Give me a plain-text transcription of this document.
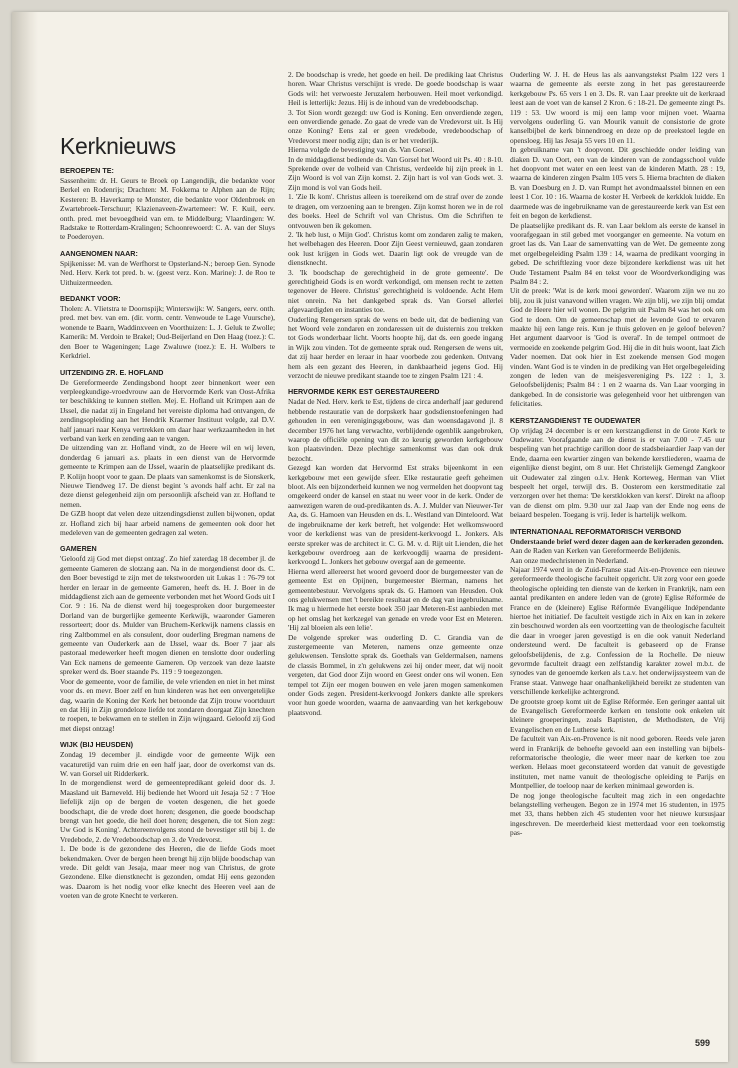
Kerknieuws
BEROEPEN TE:

Sassenheim: dr. H. Geurs te Broek op Langendijk, die bedankte voor Berkel en Rodenrijs; Drachten: M. Fokkema te Alphen aan de Rijn; Kesteren: B. Haverkamp te Monster, die bedankte voor Oldenbroek en Zwartebroek-Terschuur; Klazienaveen-Zwartemeer: W. F. Kuil, eerv. onth. pred. met bevoegdheid van em. te Middelburg; Vlaardingen: W. Radstake te Rotterdam-Kralingen; Schoonrewoerd: C. A. van der Sluys te Poederoyen.

AANGENOMEN NAAR:

Spijkenisse: M. van de Werfhorst te Opsterland-N.; beroep Gen. Synode Ned. Herv. Kerk tot pred. b. w. (geest verz. Kon. Marine): J. de Roo te Uithuizermeeden.

BEDANKT VOOR:

Tholen: A. Vlietstra te Doornspijk; Winterswijk: W. Sangers, eerv. onth. pred. met bev. van em. (dir. vorm. centr. Venwoude te Lage Vuursche), wonende te Baarn, Waddinxveen en Voorthuizen: L. J. Geluk te Zwolle; Kamerik: M. Verdoin te Brakel; Oud-Beijerland en Den Haag (toez.): C. den Boer te Wageningen; Lage Zwaluwe (toez.): E. H. Wolbers te Kerkdriel.

UITZENDING ZR. E. HOFLAND

De Gereformeerde Zendingsbond hoopt zeer binnenkort weer een verpleegkundige-vroedvrouw aan de Hervormde Kerk van Oost-Afrika ter beschikking te kunnen stellen. Mej. E. Hofland uit Krimpen aan de IJssel, die nadat zij in Engeland het vereiste diploma had ontvangen, de zendingsopleiding aan het Hendrik Kraemer Instituut volgde, zal D.V. half januari naar Kenya vertrekken om daar haar werkzaamheden in het verband van kerk en zending aan te vangen.

De uitzending van zr. Hofland vindt, zo de Heere wil en wij leven, donderdag 6 januari a.s. plaats in een dienst van de Hervormde gemeente te Krimpen aan de IJssel, waarin de plaatselijke predikant ds. P. Kolijn hoopt voor te gaan. De plaats van samenkomst is de Sionskerk, Nieuwe Tiendweg 17. De dienst begint 's avonds half acht. Er zal na deze dienst gelegenheid zijn om persoonlijk afscheid van zr. Hofland te nemen.

De GZB hoopt dat velen deze uitzendingsdienst zullen bijwonen, opdat zr. Hofland zich bij haar arbeid namens de gemeenten ook door het medeleven van de gemeenten gedragen zal weten.

GAMEREN

'Geloofd zij God met diepst ontzag'. Zo hief zaterdag 18 december jl. de gemeente Gameren de slotzang aan. Na in de morgendienst door ds. C. den Boer bevestigd te zijn met de tekstwoorden uit Lukas 1 : 76-79 tot herder en leraar in de gemeente Gameren, heeft ds. H. J. Boer in de middagdienst zich aan de gemeente verbonden met het Woord Gods uit I Cor. 9 : 16. Na de dienst werd hij toegesproken door burgemeester Dorland van de burgerlijke gemeente Kerkwijk, waaronder Gameren ressorteert; door ds. Mulder van Bruchem-Kerkwijk namens classis en ring Zaltbommel en als consulent, door ouderling Bregman namens de gemeente van Ouderkerk aan de IJssel, waar ds. Boer 7 jaar als pastoraal medewerker heeft mogen dienen en tenslotte door ouderling Van Eck namens de gemeente Gameren. Op verzoek van deze laatste spreker werd ds. Boer staande Ps. 119 : 9 toegezongen.

Voor de gemeente, voor de familie, de vele vrienden en niet in het minst voor ds. en mevr. Boer zelf en hun kinderen was het een onvergetelijke dag, waarin de Koning der Kerk het betoonde dat Zijn trouw voortduurt en dat Hij in Zijn grondeloze liefde tot zondaren doorgaat Zijn knechten te roepen, te bekwamen en te stellen in Zijn wijngaard. Geloofd zij God met diepst ontzag!

WIJK (BIJ HEUSDEN)

Zondag 19 december jl. eindigde voor de gemeente Wijk een vacaturetijd van ruim drie en een half jaar, door de overkomst van ds. W. van Gorsel uit Ridderkerk.

In de morgendienst werd de gemeentepredikant geleid door ds. J. Maasland uit Barneveld. Hij bediende het Woord uit Jesaja 52 : 7 'Hoe liefelijk zijn op de bergen de voeten desgenen, die het goede boodschapt, die de vrede doet horen; desgenen, die goede boodschap brengt van het goede, die heil doet horen; desgenen, die tot Sion zegt: Uw God is Koning'. Achtereenvolgens stond de bevestiger stil bij 1. de Vredebode, 2. de Vredeboodschap en 3. de Vredevorst.

1. De bode is de gezondene des Heeren, die de liefde Gods moet bekendmaken. Over de bergen heen brengt hij zijn blijde boodschap van vrede. Dit geldt van Jesaja, maar meer nog van Christus, de grote Gezondene. Elke dienstknecht is gezonden, omdat Hij eens gezonden was. Daarom is het nodig voor elke knecht des Heeren veel aan de voeten van de grote Knecht te verkeren.

2. De boodschap is vrede, het goede en heil. De prediking laat Christus horen. Waar Christus verschijnt is vrede. De goede boodschap is waar Gods wil: het verwoeste Jeruzalem herbouwen. Heil moet verkondigd. Heil is letterlijk: Jezus. Hij is de inhoud van de vredeboodschap.

3. Tot Sion wordt gezegd: uw God is Koning. Een onverdiende zegen, een onverdiende genade. Zo gaat de vrede van de Vredevorst uit. Is Hij onze Koning? Eens zal er geen vredebode, vredeboodschap of Vredevorst meer nodig zijn; dan is er het vrederijk.

Hierna volgde de bevestiging van ds. Van Gorsel.

In de middagdienst bediende ds. Van Gorsel het Woord uit Ps. 40 : 8-10. Sprekende over de volheid van Christus, verdeelde hij zijn preek in 1. Zijn Woord is vol van Zijn komst. 2. Zijn hart is vol van Gods wet. 3. Zijn mond is vol van Gods heil.

1. 'Zie Ik kom'. Christus alleen is toereikend om de straf over de zonde te dragen, om verzoening aan te brengen. Zijn komst horen we in de rol des boeks. Heel de Schrift vol van Christus. Om die Schriften te ontvouwen ben ik gekomen.

2. 'Ik heb lust, o Mijn God'. Christus komt om zondaren zalig te maken, het welbehagen des Heeren. Door Zijn Geest vernieuwd, gaan zondaren ook lust krijgen in Gods wet. Daarin ligt ook de vreugde van de dienstknecht.

3. 'Ik boodschap de gerechtigheid in de grote gemeente'. De gerechtigheid Gods is en wordt verkondigd, om mensen recht te zetten tegenover de Heere. Christus' gerechtigheid is voldoende. Acht Hem niet onrein. Na het dankgebed sprak ds. Van Gorsel allerlei afgevaardigden en instanties toe.

Ouderling Rengersen sprak de wens en bede uit, dat de bediening van het Woord vele zondaren en zondaressen uit de duisternis zou trekken tot Gods wonderbaar licht. Voorts hoopte hij, dat ds. een goede ingang in Wijk zou vinden. Tot de gemeente sprak oud. Rengersen de wens uit, dat zij haar herder en leraar in haar voorbede zou gedenken. Ontvang hem als een gezant des Heeren, in dankbaarheid jegens God. Hij verzocht de nieuwe predikant staande toe te zingen Psalm 121 : 4.

HERVORMDE KERK EST GERESTAUREERD

Nadat de Ned. Herv. kerk te Est, tijdens de circa anderhalf jaar gedurend hebbende restauratie van de dorpskerk haar godsdienstoefeningen had gehouden in een verenigingsgebouw, was dan woensdagavond jl. 8 december 1976 het lang verwachte, verblijdende ogenblik aangebroken, waarop de officiële opening van dit zo keurig geworden kerkgebouw kon plaatsvinden. Deze plechtige samenkomst was dan ook druk bezocht.

Gezegd kan worden dat Hervormd Est straks bijeenkomt in een kerkgebouw met een gewijde sfeer. Elke restauratie geeft geheimen bloot. Als een bijzonderheid kunnen we nog vermelden het doopvont tag omgekeerd onder de kansel en staat nu weer voor in de kerk. Onder de aanwezigen waren de oud-predikanten ds. A. J. Mulder van Nieuwer-Ter Aa, ds. G. Hamoen van Heusden en ds. L. Westland van Dinteloord. Wat de ingebruikname der kerk betreft, het volgende: Het welkomswoord voor de kerkdienst was van de president-kerkvoogd L. Jonkers. Als eerste spreker was de architect ir. C. G. M. v. d. Rijt uit Lienden, die het kerkgebouw overdroeg aan de kerkvoogdij waarna de president-kerkvoogd L. Jonkers het gebouw overgaf aan de gemeente.

Hierna werd allereerst het woord gevoerd door de burgemeester van de gemeente Est en Opijnen, burgemeester Bierman, namens het gemeentebestuur. Vervolgens sprak ds. G. Hamoen van Heusden. Ook ons gelukwensen met 't bereikte resultaat en de dag van ingebruikname. Ik mag u hiermede het eerste boek 350 jaar Meteren-Est aanbieden met op het omslag het kerkzegel van genade en vrede voor Est en Meteren. 'Hij zal bloeien als een lelie'.

De volgende spreker was ouderling D. C. Grandia van de zustergemeente van Meteren, namens onze gemeente onze gelukwensen. Tenslotte sprak ds. Goethals van Geldermalsen, namens de classis Bommel, in z'n gelukwens zei hij onder meer, dat wij nooit vergeten, dat God door Zijn woord en Geest onder ons wil wonen. Een tempel tot Zijn eer mogen bouwen en vele jaren mogen samenkomen onder Gods zegen. President-kerkvoogd Jonkers dankte alle sprekers voor hun goede woorden, waarna de aanvaarding van het kerkgebouw plaatsvond.

Ouderling W. J. H. de Heus las als aanvangstekst Psalm 122 vers 1 waarna de gemeente als eerste zong in het pas gerestaureerde kerkgebouw Ps. 65 vers 1 en 3. Ds. R. van Laar preekte uit de kerkraad leest aan de voet van de kansel 2 Kron. 6 : 18-21. De gemeente zingt Ps. 119 : 53. Uw woord is mij een lamp voor mijnen voet. Waarna vervolgens ouderling G. van Mourik vanuit de consistorie de grote kanselbijbel de kerk binnendroeg en deze op de preekstoel legde en opensloeg. Hij las Jesaja 55 vers 10 en 11.

In gebruikname van 't doopvont. Dit geschiedde onder leiding van diaken D. van Oort, een van de kinderen van de zondagsschool vulde het doopvont met water en een leest van de kinderen Matth. 28 : 19, waarna de kinderen zingen Psalm 105 vers 5. Hierna brachten de diaken B. van Doesburg en J. D. van Rumpt het avondmaalsstel binnen en een leest 1 Cor. 10 : 16. Waarna de koster H. Verbeek de kerkklok luidde. En daarmede was de ingebruikname van de gerestaureerde kerk van Est een feit en begon de kerkdienst.

De plaatselijke predikant ds. R. van Laar beklom als eerste de kansel in voorafgegaan in stil gebed met voorganger en gemeente. Na votum en groet las ds. Van Laar de samenvatting van de Wet. De gemeente zong met orgelbegeleiding Psalm 139 : 14, waarna de predikant voorging in gebed. De schriftlezing voor deze bijzondere kerkdienst was uit het Oude Testament Psalm 84 en tekst voor de Woordverkondiging was Psalm 84 : 2.

Uit de preek: 'Wat is de kerk mooi geworden'. Waarom zijn we nu zo blij, zou ik juist vanavond willen vragen. We zijn blij, we zijn blij omdat God de Heere hier wil wonen. De pelgrim uit Psalm 84 was het ook om God te doen. Om de gemeenschap met de levende God te ervaren maakte hij een lange reis. Kun je thuis geloven en je geloof beleven? Het argument daarvoor is 'God is overal'. In de tempel ontmoet de vermoeide en zoekende pelgrim God. Hij die in dit huis woont, laat Zich Vader noemen. Dat ook hier in Est zoekende mensen God mogen vinden. Want God is te vinden in de prediking van Het orgelbegeleiding zongen de leden van de meisjesvereniging Ps. 122 : 1, 3. Geloofsbelijdenis; Psalm 84 : 1 en 2 waarna ds. Van Laar voorging in dankgebed. In de consistorie was gelegenheid voor het uitbrengen van felicitaties.

KERSTZANGDIENST TE OUDEWATER

Op vrijdag 24 december is er een kerstzangdienst in de Grote Kerk te Oudewater. Voorafgaande aan de dienst is er van 7.00 - 7.45 uur bespeling van het prachtige carillon door de stadsbeiaardier Jaap van der Ende, daarna een kwartier zingen van bekende kerstliederen, waarna de eigenlijke dienst begint, om 8 uur. Het Christelijk Gemengd Zangkoor uit Oudewater zal zingen o.l.v. Henk Korteweg, Herman van Vliet bespeelt het orgel, terwijl drs. B. Oosterom een kerstmeditatie zal verzorgen over het thema: 'De kerstklokken van kerst'. Direkt na afloop van de dienst om plm. 9.30 uur zal Jaap van der Ende nog eens de beiaard bespelen. Toegang is vrij. Ieder is hartelijk welkom.

INTERNATIONAAL REFORMATORISCH VERBOND

Onderstaande brief werd dezer dagen aan de kerkeraden gezonden.

Aan de Raden van Kerken van Gereformeerde Belijdenis.

Aan onze medechristenen in Nederland.

Najaar 1974 werd in de Zuid-Franse stad Aix-en-Provence een nieuwe gereformeerde theologische faculteit opgericht. Uit zorg voor een goede theologische opleiding ten dienste van de kerken in Frankrijk, nam een aantal predikanten en andere leden van de (grote) Eglise Réformée de France en de (kleinere) Eglise Réformée Evangélique Indépendante hiertoe het initiatief. De faculteit vestigde zich in Aix en kan in zekere zin beschouwd worden als een voortzetting van de theologische faculteit die daar in vroeger jaren gevestigd is en die ook vanuit Nederland ondersteund werd. De faculteit is gebaseerd op de Franse geloofsbelijdenis, de z.g. Confession de la Rochelle. De nieuw gevormde faculteit draagt een zelfstandig karakter zowel m.b.t. de synodes van de genoemde kerken als t.a.v. het onderwijssysteem van de Franse staat. Vanwege haar onafhankelijkheid bereikt ze studenten van verschillende kerkelijke achtergrond.

De grootste groep komt uit de Eglise Réformée. Een geringer aantal uit de Evangelisch Gereformeerde kerken en tenslotte ook enkelen uit kleinere groeperingen, zoals Baptisten, de Methodisten, de Vrij Evangelischen en de Lutherse kerk.

De faculteit van Aix-en-Provence is nit nood geboren. Reeds vele jaren werd in Frankrijk de behoefte gevoeld aan een instelling van bijbels-reformatorische theologie, die weer meer naar de kerken toe zou werken. Helaas moet geconstateerd worden dat vanuit de gevestigde instituten, met name vanuit de theologische opleiding te Parijs en Montpellier, de toeloop naar de kerken minimaal geworden is.

De nog jonge theologische faculteit mag zich in een ongedachte belangstelling verheugen. Begon ze in 1974 met 16 studenten, in 1975 met 33, thans hebben zich 45 studenten voor het nieuwe kursusjaar ingeschreven. De meerderheid kiest metterdaad voor een toekomstig pas-

599
